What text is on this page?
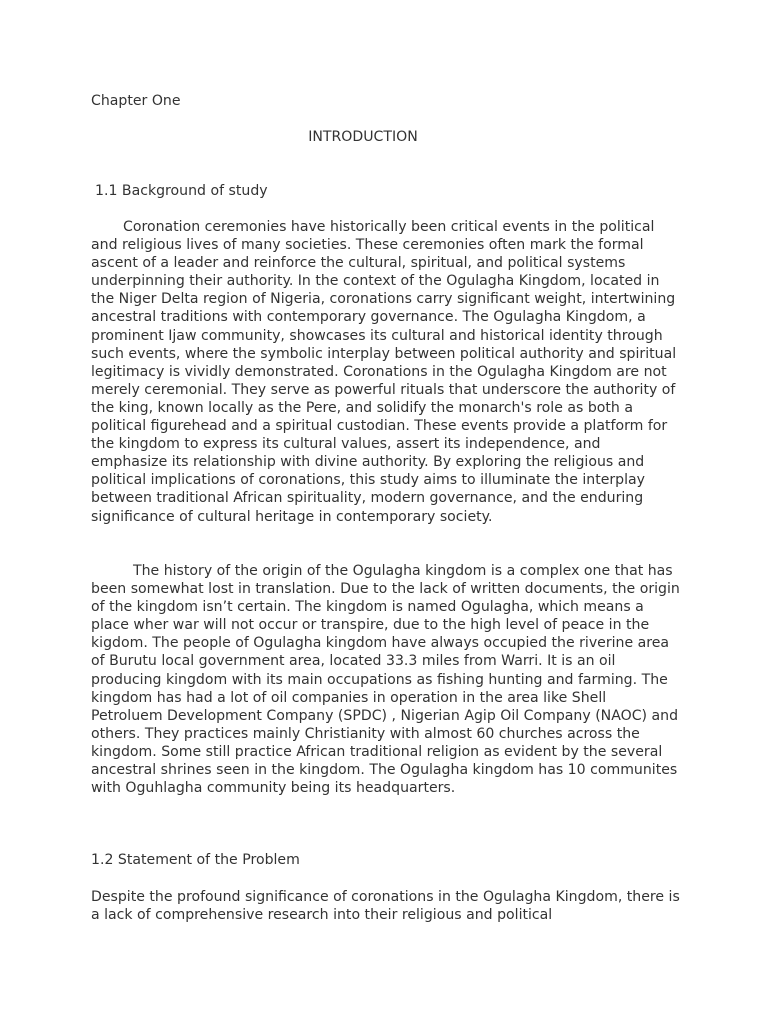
Chapter One

INTRODUCTION

1.1 Background of study

Coronation ceremonies have historically been critical events in the political and religious lives of many societies. These ceremonies often mark the formal ascent of a leader and reinforce the cultural, spiritual, and political systems underpinning their authority. In the context of the Ogulagha Kingdom, located in the Niger Delta region of Nigeria, coronations carry significant weight, intertwining ancestral traditions with contemporary governance. The Ogulagha Kingdom, a prominent Ijaw community, showcases its cultural and historical identity through such events, where the symbolic interplay between political authority and spiritual legitimacy is vividly demonstrated. Coronations in the Ogulagha Kingdom are not merely ceremonial. They serve as powerful rituals that underscore the authority of the king, known locally as the Pere, and solidify the monarch's role as both a political figurehead and a spiritual custodian. These events provide a platform for the kingdom to express its cultural values, assert its independence, and emphasize its relationship with divine authority. By exploring the religious and political implications of coronations, this study aims to illuminate the interplay between traditional African spirituality, modern governance, and the enduring significance of cultural heritage in contemporary society.

The history of the origin of the Ogulagha kingdom is a complex one that has been somewhat lost in translation. Due to the lack of written documents, the origin of the kingdom isn’t certain. The kingdom is named Ogulagha, which means a place wher war will not occur or transpire, due to the high level of peace in the kigdom. The people of Ogulagha kingdom have always occupied the riverine area of Burutu local government area, located 33.3 miles from Warri. It is an oil producing kingdom with its main occupations as fishing hunting and farming. The kingdom has had a lot of oil companies in operation in the area like Shell Petroluem Development Company (SPDC) , Nigerian Agip Oil Company (NAOC) and others. They practices mainly Christianity with almost 60 churches across the kingdom. Some still practice African traditional religion as evident by the several ancestral shrines seen in the kingdom. The Ogulagha kingdom has 10 communites with Oguhlagha community being its headquarters.

1.2 Statement of the Problem

Despite the profound significance of coronations in the Ogulagha Kingdom, there is a lack of comprehensive research into their religious and political
